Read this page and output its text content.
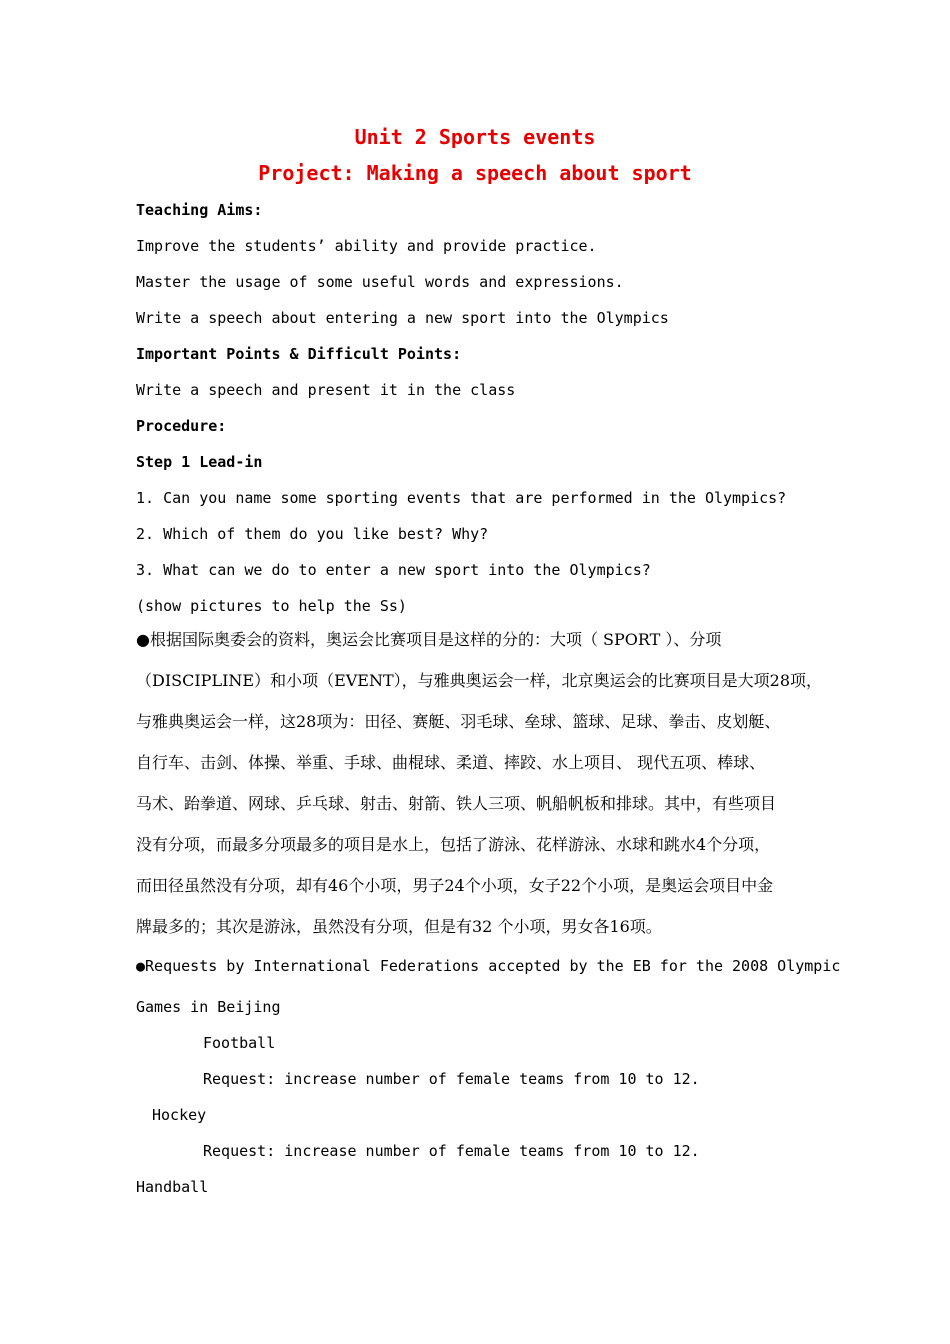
Unit 2 Sports events
Project: Making a speech about sport
Teaching Aims:
Improve the students’ ability and provide practice.
Master the usage of some useful words and expressions.
Write a speech about entering a new sport into the Olympics
Important Points & Difficult Points:
Write a speech and present it in the class
Procedure:
Step 1 Lead-in
1. Can you name some sporting events that are performed in the Olympics?
2. Which of them do you like best? Why?
3. What can we do to enter a new sport into the Olympics?
(show pictures to help the Ss)
●根据国际奥委会的资料，奥运会比赛项目是这样的分的：大项（ SPORT ）、分项
（DISCIPLINE）和小项（EVENT），与雅典奥运会一样，北京奥运会的比赛项目是大项28项，
与雅典奥运会一样，这28项为：田径、赛艇、羽毛球、垒球、篮球、足球、拳击、皮划艇、
自行车、击剑、体操、举重、手球、曲棍球、柔道、摔跤、水上项目、 现代五项、棒球、
马术、跆拳道、网球、乒乓球、射击、射箭、铁人三项、帆船帆板和排球。其中，有些项目
没有分项，而最多分项最多的项目是水上，包括了游泳、花样游泳、水球和跳水4个分项，
而田径虽然没有分项，却有46个小项，男子24个小项，女子22个小项，是奥运会项目中金
牌最多的；其次是游泳，虽然没有分项，但是有32 个小项，男女各16项。
●Requests by International Federations accepted by the EB for the 2008 Olympic
Games in Beijing
Football
Request: increase number of female teams from 10 to 12.
Hockey
Request: increase number of female teams from 10 to 12.
Handball
